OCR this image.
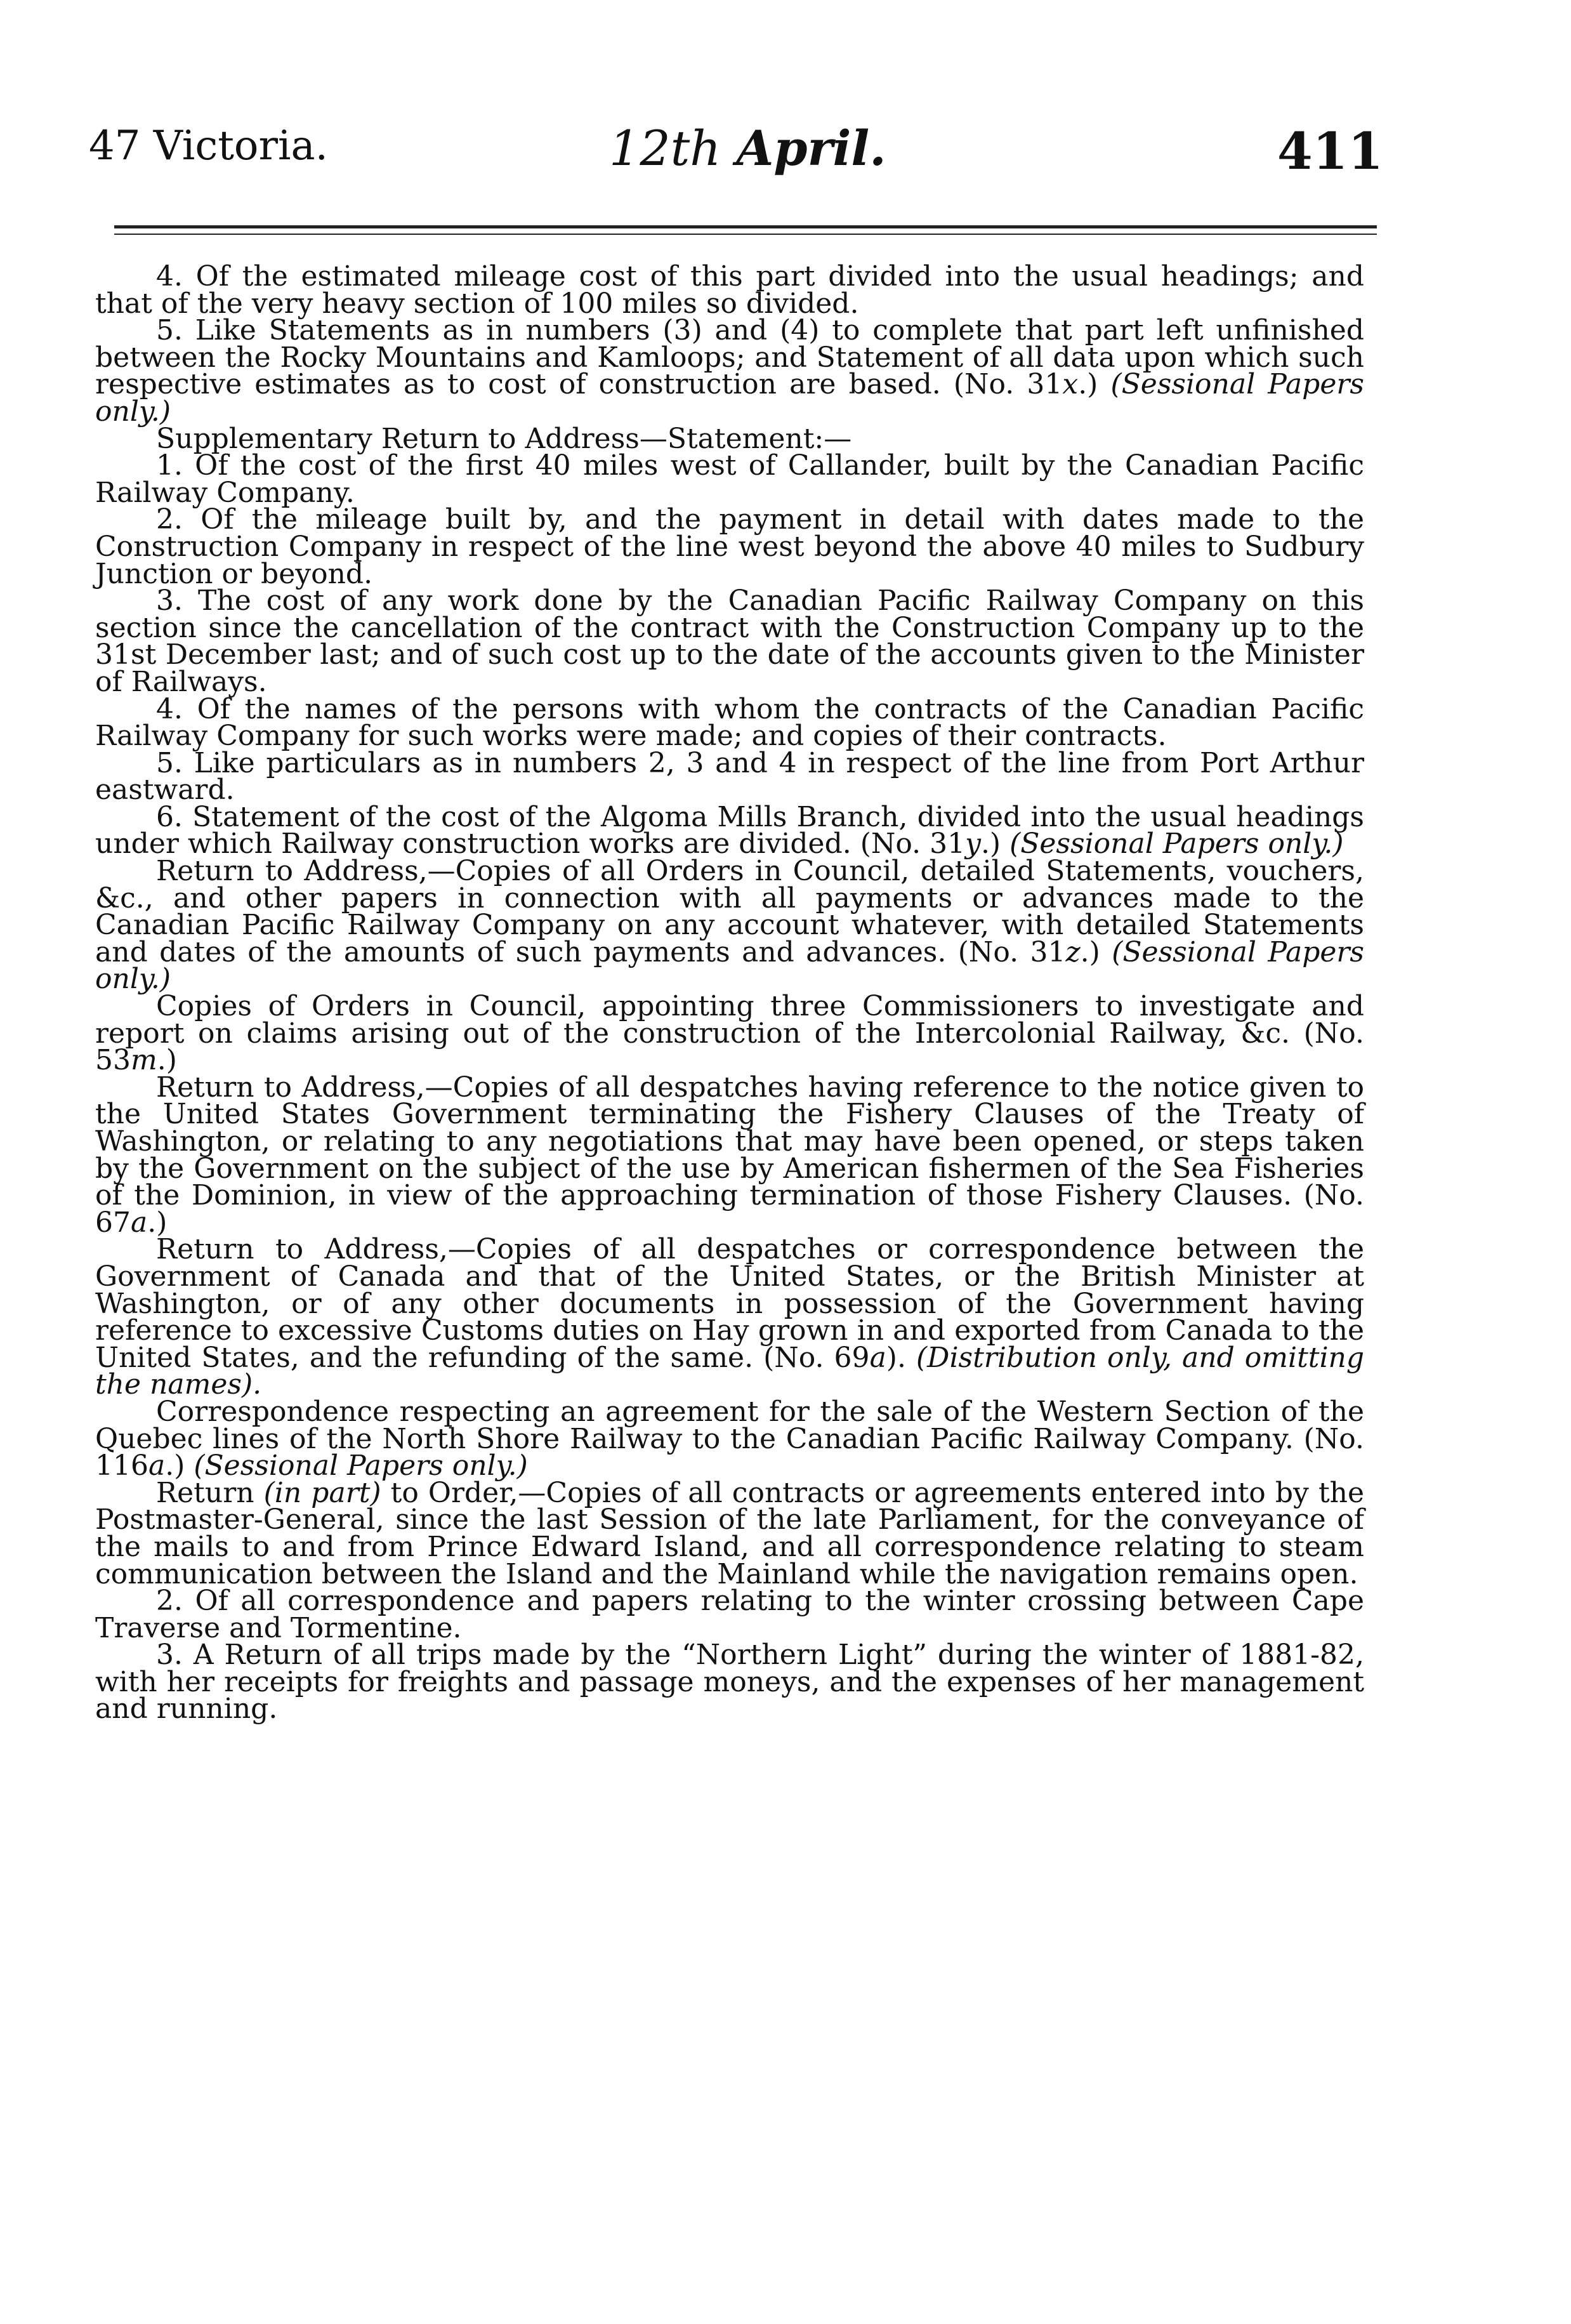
47 Victoria.	12th April.	411

4. Of the estimated mileage cost of this part divided into the usual headings; and that of the very heavy section of 100 miles so divided.

5. Like Statements as in numbers (3) and (4) to complete that part left unfinished between the Rocky Mountains and Kamloops; and Statement of all data upon which such respective estimates as to cost of construction are based. (No. 31x.) (Sessional Papers only.)

Supplementary Return to Address—Statement:—

1. Of the cost of the first 40 miles west of Callander, built by the Canadian Pacific Railway Company.

2. Of the mileage built by, and the payment in detail with dates made to the Construction Company in respect of the line west beyond the above 40 miles to Sudbury Junction or beyond.

3. The cost of any work done by the Canadian Pacific Railway Company on this section since the cancellation of the contract with the Construction Company up to the 31st December last; and of such cost up to the date of the accounts given to the Minister of Railways.

4. Of the names of the persons with whom the contracts of the Canadian Pacific Railway Company for such works were made; and copies of their contracts.

5. Like particulars as in numbers 2, 3 and 4 in respect of the line from Port Arthur eastward.

6. Statement of the cost of the Algoma Mills Branch, divided into the usual headings under which Railway construction works are divided. (No. 31y.) (Sessional Papers only.)

Return to Address,—Copies of all Orders in Council, detailed Statements, vouchers, &c., and other papers in connection with all payments or advances made to the Canadian Pacific Railway Company on any account whatever, with detailed Statements and dates of the amounts of such payments and advances. (No. 31z.) (Sessional Papers only.)

Copies of Orders in Council, appointing three Commissioners to investigate and report on claims arising out of the construction of the Intercolonial Railway, &c. (No. 53m.)

Return to Address,—Copies of all despatches having reference to the notice given to the United States Government terminating the Fishery Clauses of the Treaty of Washington, or relating to any negotiations that may have been opened, or steps taken by the Government on the subject of the use by American fishermen of the Sea Fisheries of the Dominion, in view of the approaching termination of those Fishery Clauses. (No. 67a.)

Return to Address,—Copies of all despatches or correspondence between the Government of Canada and that of the United States, or the British Minister at Washington, or of any other documents in possession of the Government having reference to excessive Customs duties on Hay grown in and exported from Canada to the United States, and the refunding of the same. (No. 69a). (Distribution only, and omitting the names).

Correspondence respecting an agreement for the sale of the Western Section of the Quebec lines of the North Shore Railway to the Canadian Pacific Railway Company. (No. 116a.) (Sessional Papers only.)

Return (in part) to Order,—Copies of all contracts or agreements entered into by the Postmaster-General, since the last Session of the late Parliament, for the conveyance of the mails to and from Prince Edward Island, and all correspondence relating to steam communication between the Island and the Mainland while the navigation remains open.

2. Of all correspondence and papers relating to the winter crossing between Cape Traverse and Tormentine.

3. A Return of all trips made by the “Northern Light” during the winter of 1881-82, with her receipts for freights and passage moneys, and the expenses of her management and running.
